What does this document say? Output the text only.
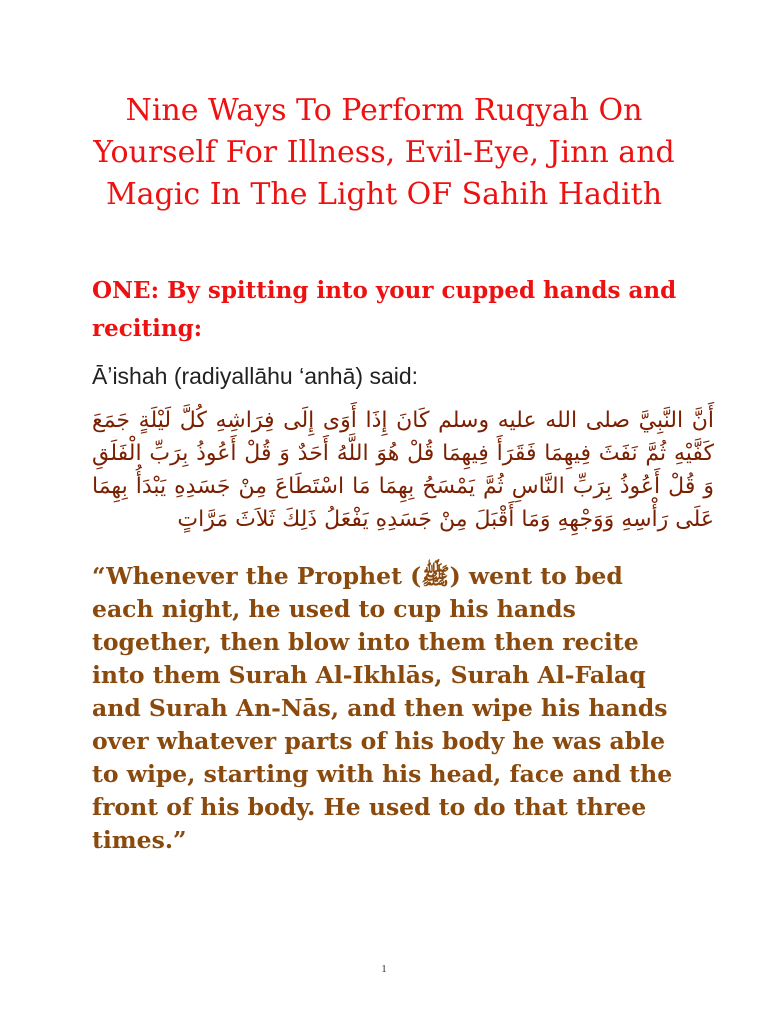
Nine Ways To Perform Ruqyah On Yourself For Illness, Evil-Eye, Jinn and Magic In The Light OF Sahih Hadith
ONE: By spitting into your cupped hands and reciting:

Āʼishah (radiyallāhu ‘anhā) said:

أَنَّ النَّبِيَّ صلى الله عليه وسلم كَانَ إِذَا أَوَى إِلَى فِرَاشِهِ كُلَّ لَيْلَةٍ جَمَعَ كَفَّيْهِ ثُمَّ نَفَثَ فِيهِمَا فَقَرَأَ فِيهِمَا قُلْ هُوَ اللَّهُ أَحَدٌ وَ قُلْ أَعُوذُ بِرَبِّ الْفَلَقِ وَ قُلْ أَعُوذُ بِرَبِّ النَّاسِ ثُمَّ يَمْسَحُ بِهِمَا مَا اسْتَطَاعَ مِنْ جَسَدِهِ يَبْدَأُ بِهِمَا عَلَى رَأْسِهِ وَوَجْهِهِ وَمَا أَقْبَلَ مِنْ جَسَدِهِ يَفْعَلُ ذَلِكَ ثَلاَثَ مَرَّاتٍ

“Whenever the Prophet (ﷺ) went to bed each night, he used to cup his hands together, then blow into them then recite into them Surah Al-Ikhlās, Surah Al-Falaq and Surah An-Nās, and then wipe his hands over whatever parts of his body he was able to wipe, starting with his head, face and the front of his body. He used to do that three times.”

1
